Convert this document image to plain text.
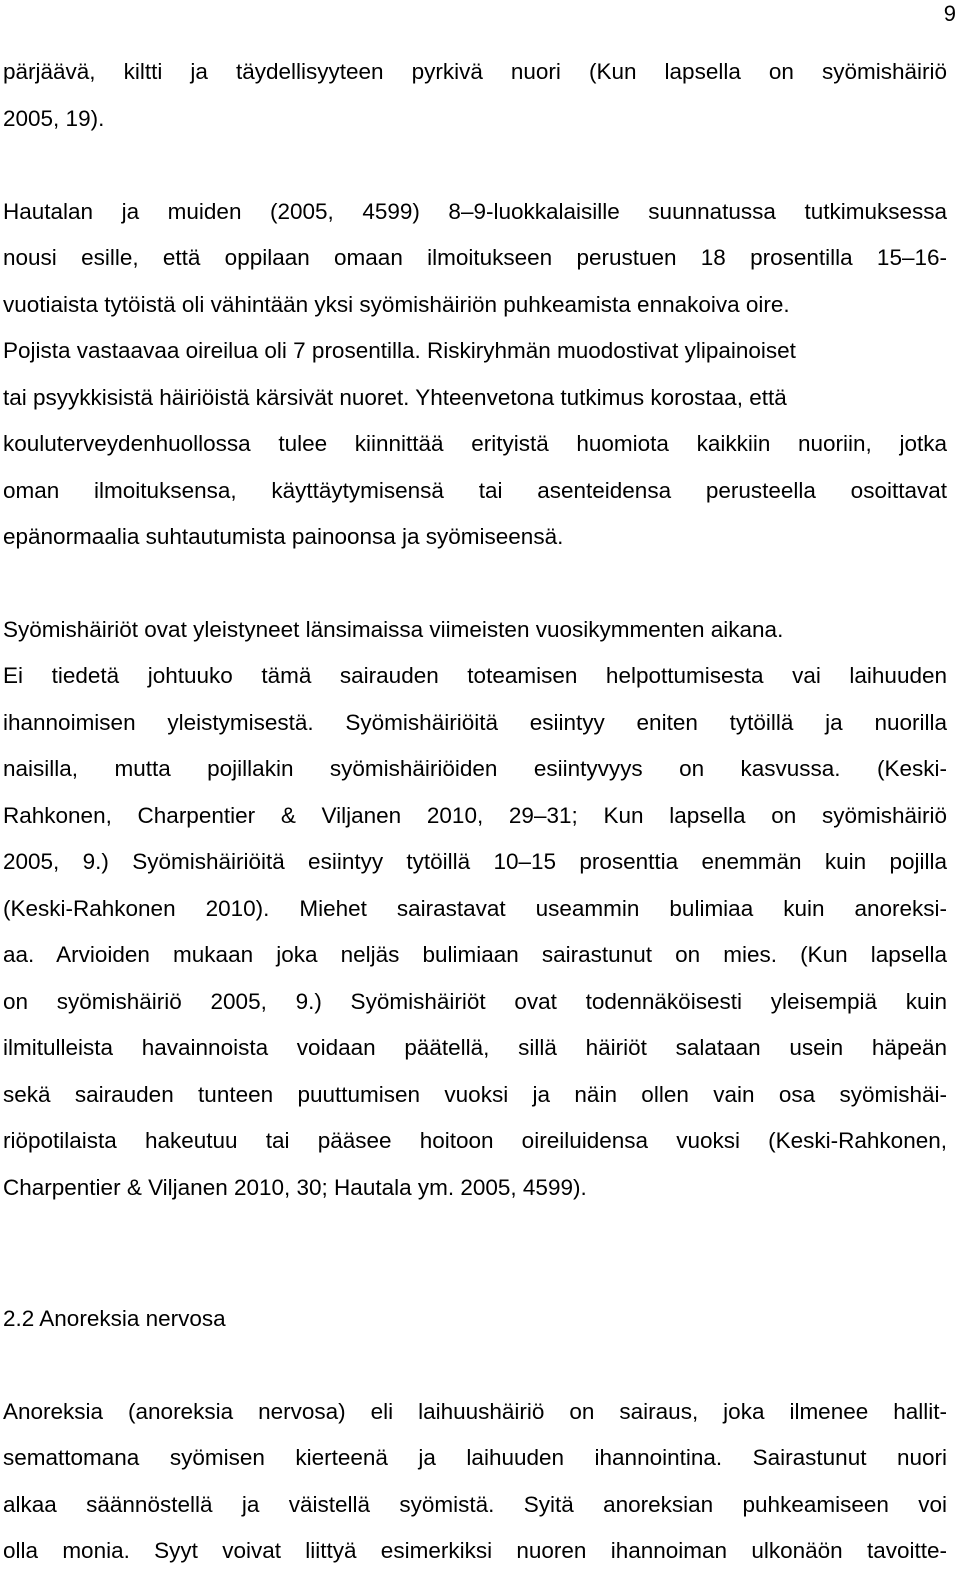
9
pärjäävä, kiltti ja täydellisyyteen pyrkivä nuori (Kun lapsella on syömishäiriö
2005, 19).
Hautalan ja muiden (2005, 4599) 8–9-luokkalaisille suunnatussa tutkimuksessa
nousi esille, että oppilaan omaan ilmoitukseen perustuen 18 prosentilla 15–16-
vuotiaista tytöistä oli vähintään yksi syömishäiriön puhkeamista ennakoiva oire.
Pojista vastaavaa oireilua oli 7 prosentilla. Riskiryhmän muodostivat ylipainoiset
tai psyykkisistä häiriöistä kärsivät nuoret. Yhteenvetona tutkimus korostaa, että
kouluterveydenhuollossa tulee kiinnittää erityistä huomiota kaikkiin nuoriin, jotka
oman ilmoituksensa, käyttäytymisensä tai asenteidensa perusteella osoittavat
epänormaalia suhtautumista painoonsa ja syömiseensä.
Syömishäiriöt ovat yleistyneet länsimaissa viimeisten vuosikymmenten aikana.
Ei tiedetä johtuuko tämä sairauden toteamisen helpottumisesta vai laihuuden
ihannoimisen yleistymisestä. Syömishäiriöitä esiintyy eniten tytöillä ja nuorilla
naisilla, mutta pojillakin syömishäiriöiden esiintyvyys on kasvussa. (Keski-
Rahkonen, Charpentier & Viljanen 2010, 29–31; Kun lapsella on syömishäiriö
2005, 9.) Syömishäiriöitä esiintyy tytöillä 10–15 prosenttia enemmän kuin pojilla
(Keski-Rahkonen 2010). Miehet sairastavat useammin bulimiaa kuin anoreksi-
aa. Arvioiden mukaan joka neljäs bulimiaan sairastunut on mies. (Kun lapsella
on syömishäiriö 2005, 9.) Syömishäiriöt ovat todennäköisesti yleisempiä kuin
ilmitulleista havainnoista voidaan päätellä, sillä häiriöt salataan usein häpeän
sekä sairauden tunteen puuttumisen vuoksi ja näin ollen vain osa syömishäi-
riöpotilaista hakeutuu tai pääsee hoitoon oireiluidensa vuoksi (Keski-Rahkonen,
Charpentier & Viljanen 2010, 30; Hautala ym. 2005, 4599).
2.2 Anoreksia nervosa
Anoreksia (anoreksia nervosa) eli laihuushäiriö on sairaus, joka ilmenee hallit-
semattomana syömisen kierteenä ja laihuuden ihannointina. Sairastunut nuori
alkaa säännöstellä ja väistellä syömistä. Syitä anoreksian puhkeamiseen voi
olla monia. Syyt voivat liittyä esimerkiksi nuoren ihannoiman ulkonäön tavoitte-
